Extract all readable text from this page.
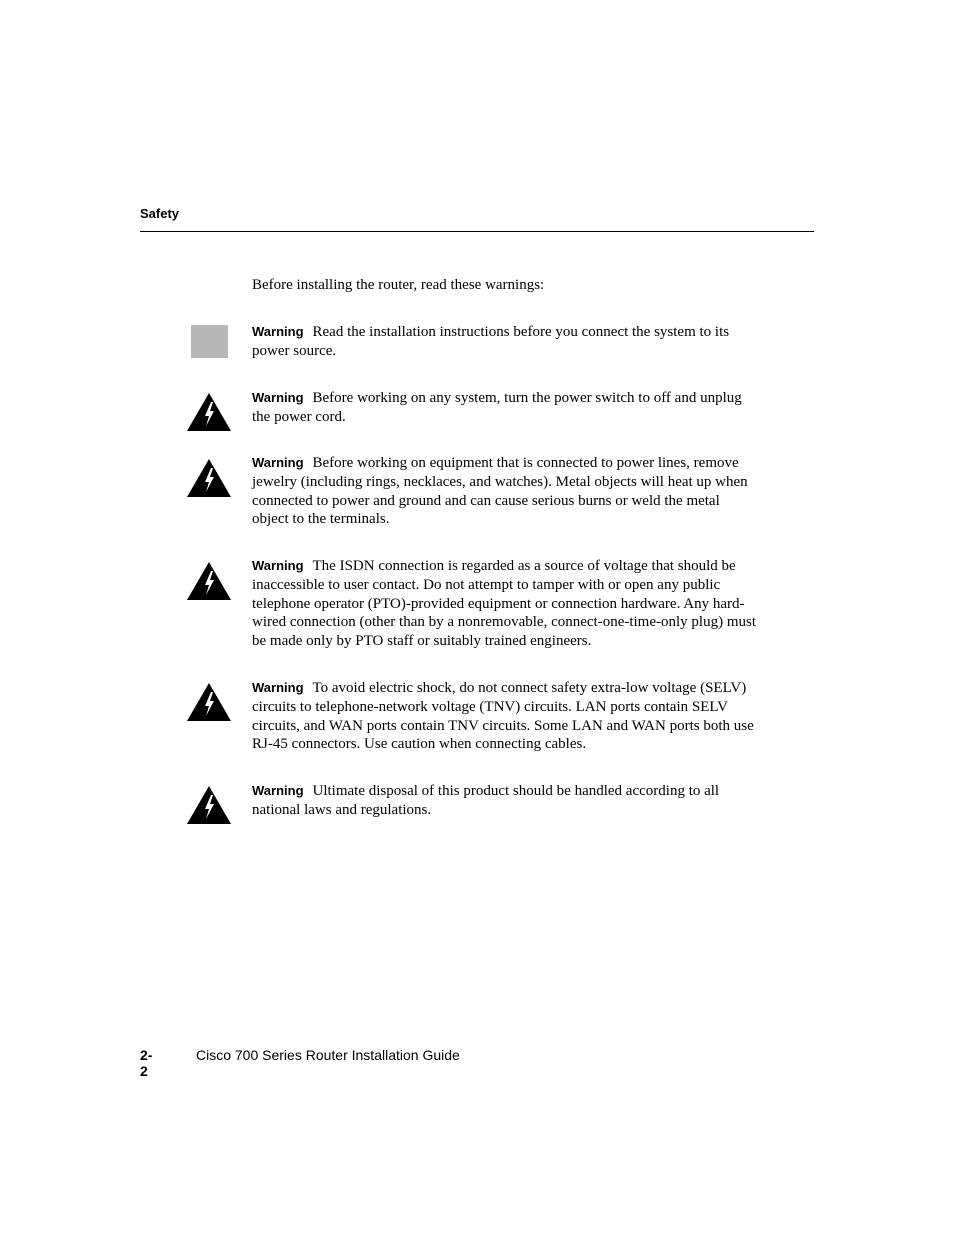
Safety
Before installing the router, read these warnings:
Warning Read the installation instructions before you connect the system to its power source.
Warning Before working on any system, turn the power switch to off and unplug the power cord.
Warning Before working on equipment that is connected to power lines, remove jewelry (including rings, necklaces, and watches). Metal objects will heat up when connected to power and ground and can cause serious burns or weld the metal object to the terminals.
Warning The ISDN connection is regarded as a source of voltage that should be inaccessible to user contact. Do not attempt to tamper with or open any public telephone operator (PTO)-provided equipment or connection hardware. Any hard-wired connection (other than by a nonremovable, connect-one-time-only plug) must be made only by PTO staff or suitably trained engineers.
Warning To avoid electric shock, do not connect safety extra-low voltage (SELV) circuits to telephone-network voltage (TNV) circuits. LAN ports contain SELV circuits, and WAN ports contain TNV circuits. Some LAN and WAN ports both use RJ-45 connectors. Use caution when connecting cables.
Warning Ultimate disposal of this product should be handled according to all national laws and regulations.
2-2
Cisco 700 Series Router Installation Guide
